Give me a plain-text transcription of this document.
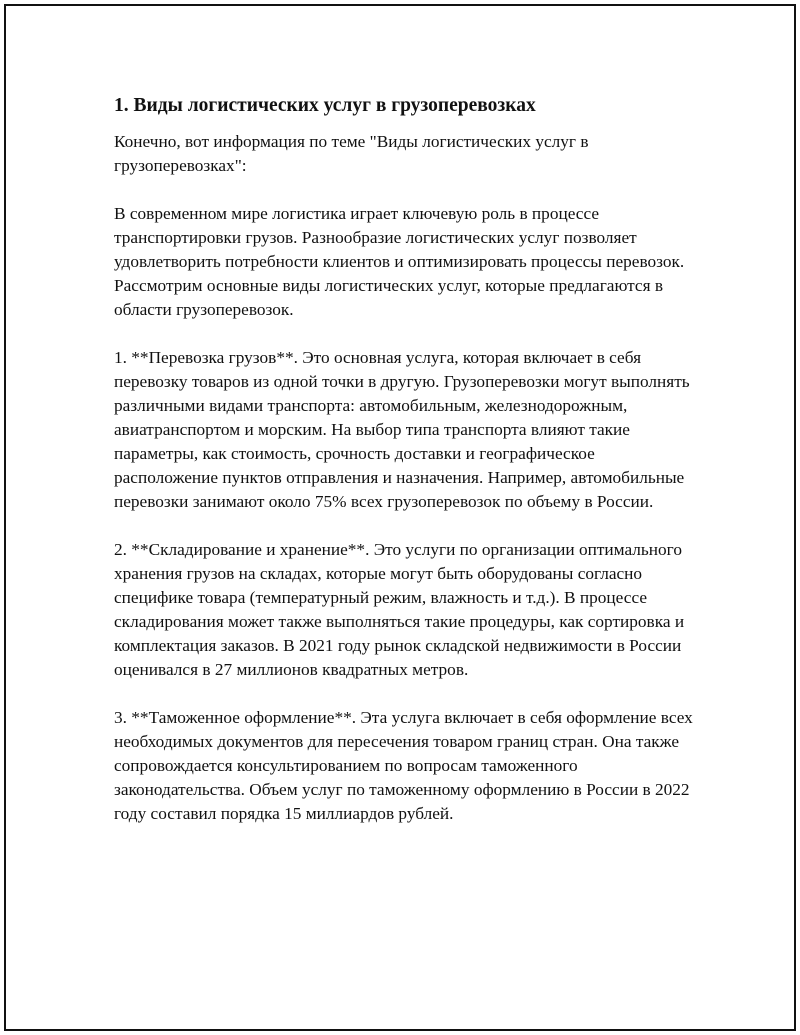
1. Виды логистических услуг в грузоперевозках

Конечно, вот информация по теме "Виды логистических услуг в грузоперевозках":

В современном мире логистика играет ключевую роль в процессе транспортировки грузов. Разнообразие логистических услуг позволяет удовлетворить потребности клиентов и оптимизировать процессы перевозок. Рассмотрим основные виды логистических услуг, которые предлагаются в области грузоперевозок.

1. **Перевозка грузов**. Это основная услуга, которая включает в себя перевозку товаров из одной точки в другую. Грузоперевозки могут выполнять различными видами транспорта: автомобильным, железнодорожным, авиатранспортом и морским. На выбор типа транспорта влияют такие параметры, как стоимость, срочность доставки и географическое расположение пунктов отправления и назначения. Например, автомобильные перевозки занимают около 75% всех грузоперевозок по объему в России.

2. **Складирование и хранение**. Это услуги по организации оптимального хранения грузов на складах, которые могут быть оборудованы согласно специфике товара (температурный режим, влажность и т.д.). В процессе складирования может также выполняться такие процедуры, как сортировка и комплектация заказов. В 2021 году рынок складской недвижимости в России оценивался в 27 миллионов квадратных метров.

3. **Таможенное оформление**. Эта услуга включает в себя оформление всех необходимых документов для пересечения товаром границ стран. Она также сопровождается консультированием по вопросам таможенного законодательства. Объем услуг по таможенному оформлению в России в 2022 году составил порядка 15 миллиардов рублей.
